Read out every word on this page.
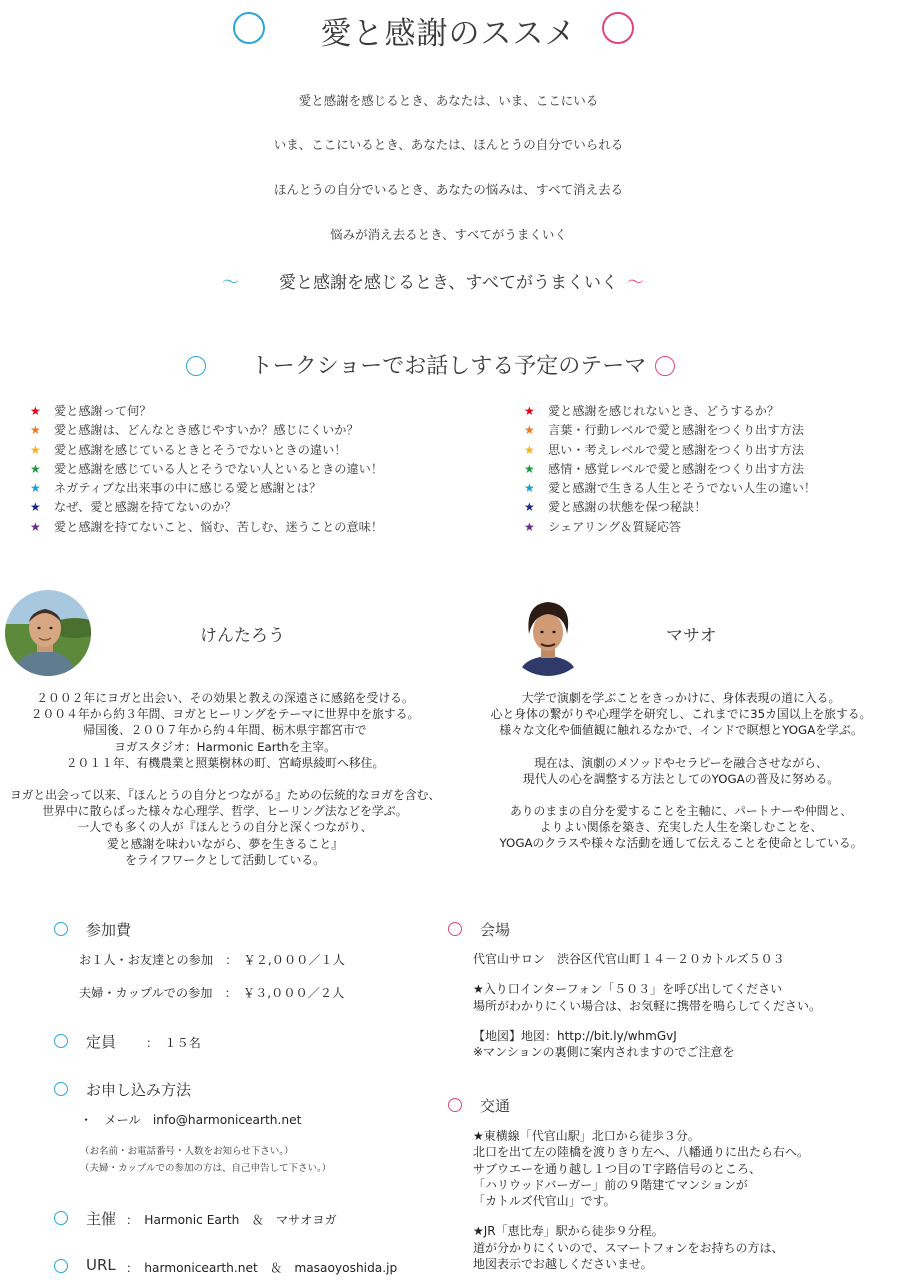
愛と感謝のススメ
愛と感謝を感じるとき、あなたは、いま、ここにいる
いま、ここにいるとき、あなたは、ほんとうの自分でいられる
ほんとうの自分でいるとき、あなたの悩みは、すべて消え去る
悩みが消え去るとき、すべてがうまくいく
～	愛と感謝を感じるとき、すべてがうまくいく ～
トークショーでお話しする予定のテーマ
★ 愛と感謝って何？
★ 愛と感謝は、どんなとき感じやすいか？感じにくいか？
★ 愛と感謝を感じているときとそうでないときの違い！
★ 愛と感謝を感じている人とそうでない人といるときの違い！
★ ネガティブな出来事の中に感じる愛と感謝とは？
★ なぜ、愛と感謝を持てないのか？
★ 愛と感謝を持てないこと、悩む、苦しむ、迷うことの意味！
★ 愛と感謝を感じれないとき、どうするか？
★ 言葉・行動レベルで愛と感謝をつくり出す方法
★ 思い・考えレベルで愛と感謝をつくり出す方法
★ 感情・感覚レベルで愛と感謝をつくり出す方法
★ 愛と感謝で生きる人生とそうでない人生の違い！
★ 愛と感謝の状態を保つ秘訣！
★ シェアリング＆質疑応答
けんたろう

２００２年にヨガと出会い、その効果と教えの深遠さに感銘を受ける。

２００４年から約３年間、ヨガとヒーリングをテーマに世界中を旅する。

帰国後、２００７年から約４年間、栃木県宇都宮市で

ヨガスタジオ：Harmonic Earthを主宰。

２０１１年、有機農業と照葉樹林の町、宮崎県綾町へ移住。

ヨガと出会って以来、『ほんとうの自分とつながる』ための伝統的なヨガを含む、

世界中に散らばった様々な心理学、哲学、ヒーリング法などを学ぶ。

一人でも多くの人が『ほんとうの自分と深くつながり、

愛と感謝を味わいながら、夢を生きること』

をライフワークとして活動している。

マサオ

大学で演劇を学ぶことをきっかけに、身体表現の道に入る。

心と身体の繋がりや心理学を研究し、これまでに35カ国以上を旅する。

様々な文化や価値観に触れるなかで、インドで瞑想とYOGAを学ぶ。

現在は、演劇のメソッドやセラピーを融合させながら、

現代人の心を調整する方法としてのYOGAの普及に努める。

ありのままの自分を愛することを主軸に、パートナーや仲間と、

よりよい関係を築き、充実した人生を楽しむことを、

YOGAのクラスや様々な活動を通して伝えることを使命としている。

参加費
お１人・お友達との参加　：　￥２,０００／１人
夫婦・カップルでの参加　：　￥３,０００／２人
定員 ：　１５名
お申し込み方法
・　メール　info@harmonicearth.net
（お名前・お電話番号・人数をお知らせ下さい。）
（夫婦・カップルでの参加の方は、自己申告して下さい。）
主催 ：　Harmonic Earth　＆　マサオヨガ
URL ：　harmonicearth.net　＆　masaoyoshida.jp
会場

代官山サロン　渋谷区代官山町１４－２０カトルズ５０３

★入り口インターフォン「５０３」を呼び出してください

場所がわかりにくい場合は、お気軽に携帯を鳴らしてください。

【地図】地図：http://bit.ly/whmGvJ

※マンションの裏側に案内されますのでご注意を

交通

★東横線「代官山駅」北口から徒歩３分。

北口を出て左の陸橋を渡りきり左へ、八幡通りに出たら右へ。

サブウエーを通り越し１つ目のＴ字路信号のところ、

「ハリウッドバーガー」前の９階建てマンションが

「カトルズ代官山」です。

★JR「恵比寿」駅から徒歩９分程。

道が分かりにくいので、スマートフォンをお持ちの方は、

地図表示でお越しくださいませ。
